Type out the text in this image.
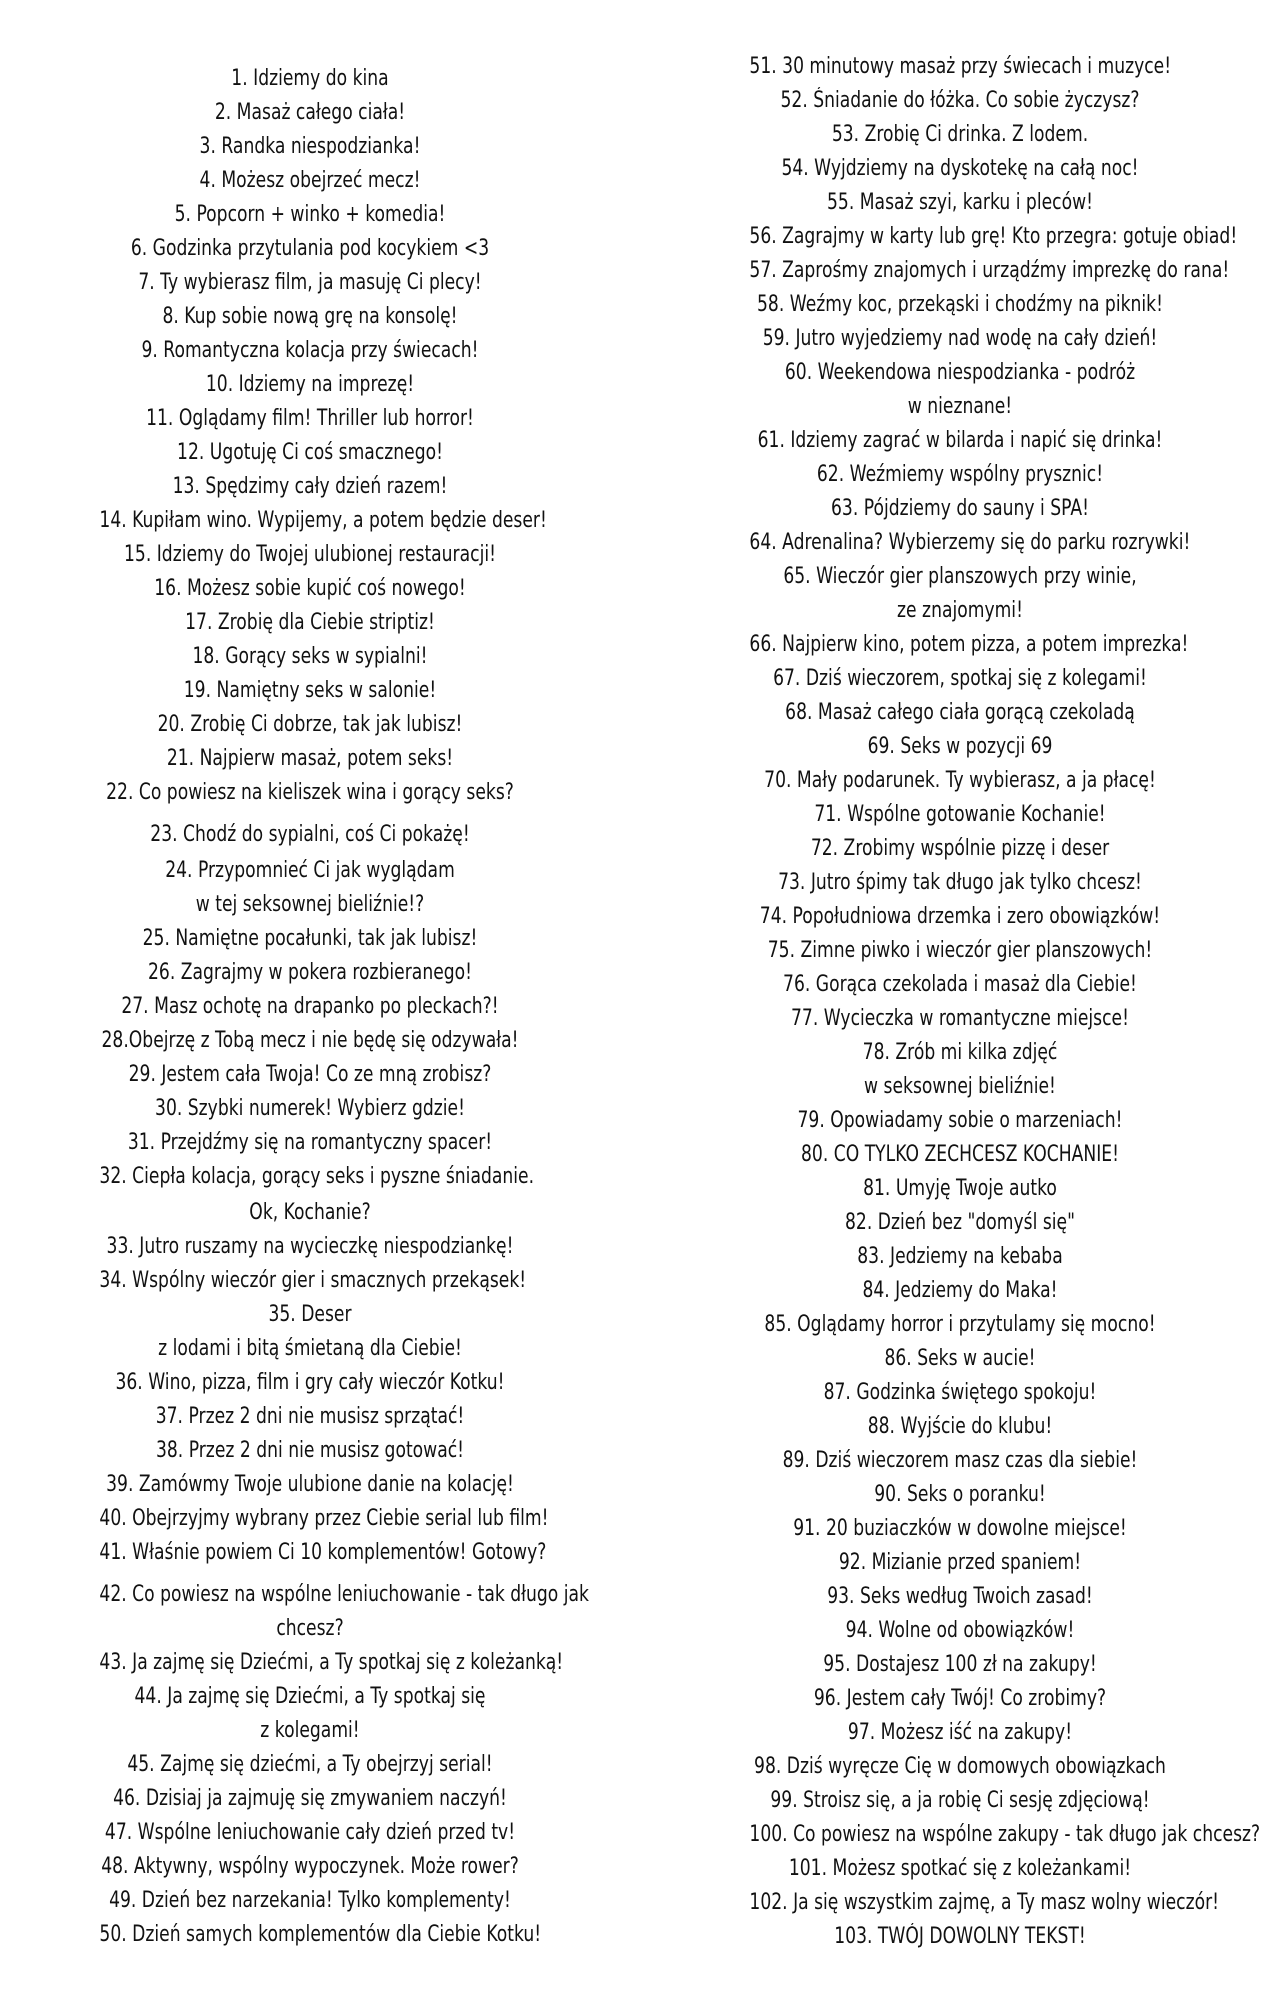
1. Idziemy do kina
2. Masaż całego ciała!
3. Randka niespodzianka!
4. Możesz obejrzeć mecz!
5. Popcorn + winko + komedia!
6. Godzinka przytulania pod kocykiem <3
7. Ty wybierasz film, ja masuję Ci plecy!
8. Kup sobie nową grę na konsolę!
9. Romantyczna kolacja przy świecach!
10. Idziemy na imprezę!
11. Oglądamy film! Thriller lub horror!
12. Ugotuję Ci coś smacznego!
13. Spędzimy cały dzień razem!
14. Kupiłam wino. Wypijemy, a potem będzie deser!
15. Idziemy do Twojej ulubionej restauracji!
16. Możesz sobie kupić coś nowego!
17. Zrobię dla Ciebie striptiz!
18. Gorący seks w sypialni!
19. Namiętny seks w salonie!
20. Zrobię Ci dobrze, tak jak lubisz!
21. Najpierw masaż, potem seks!
22. Co powiesz na kieliszek wina i gorący seks?
23. Chodź do sypialni, coś Ci pokażę!
24. Przypomnieć Ci jak wyglądam
w tej seksownej bieliźnie!?
25. Namiętne pocałunki, tak jak lubisz!
26. Zagrajmy w pokera rozbieranego!
27. Masz ochotę na drapanko po pleckach?!
28.Obejrzę z Tobą mecz i nie będę się odzywała!
29. Jestem cała Twoja! Co ze mną zrobisz?
30. Szybki numerek! Wybierz gdzie!
31. Przejdźmy się na romantyczny spacer!
32. Ciepła kolacja, gorący seks i pyszne śniadanie.
Ok, Kochanie?
33. Jutro ruszamy na wycieczkę niespodziankę!
34. Wspólny wieczór gier i smacznych przekąsek!
35. Deser
z lodami i bitą śmietaną dla Ciebie!
36. Wino, pizza, film i gry cały wieczór Kotku!
37. Przez 2 dni nie musisz sprzątać!
38. Przez 2 dni nie musisz gotować!
39. Zamówmy Twoje ulubione danie na kolację!
40. Obejrzyjmy wybrany przez Ciebie serial lub film!
41. Właśnie powiem Ci 10 komplementów! Gotowy?
42. Co powiesz na wspólne leniuchowanie - tak długo jak
chcesz?
43. Ja zajmę się Dziećmi, a Ty spotkaj się z koleżanką!
44. Ja zajmę się Dziećmi, a Ty spotkaj się
z kolegami!
45. Zajmę się dziećmi, a Ty obejrzyj serial!
46. Dzisiaj ja zajmuję się zmywaniem naczyń!
47. Wspólne leniuchowanie cały dzień przed tv!
48. Aktywny, wspólny wypoczynek. Może rower?
49. Dzień bez narzekania! Tylko komplementy!
50. Dzień samych komplementów dla Ciebie Kotku!
51. 30 minutowy masaż przy świecach i muzyce!
52. Śniadanie do łóżka. Co sobie życzysz?
53. Zrobię Ci drinka. Z lodem.
54. Wyjdziemy na dyskotekę na całą noc!
55. Masaż szyi, karku i pleców!
56. Zagrajmy w karty lub grę! Kto przegra: gotuje obiad!
57. Zaprośmy znajomych i urządźmy imprezkę do rana!
58. Weźmy koc, przekąski i chodźmy na piknik!
59. Jutro wyjedziemy nad wodę na cały dzień!
60. Weekendowa niespodzianka - podróż
w nieznane!
61. Idziemy zagrać w bilarda i napić się drinka!
62. Weźmiemy wspólny prysznic!
63. Pójdziemy do sauny i SPA!
64. Adrenalina? Wybierzemy się do parku rozrywki!
65. Wieczór gier planszowych przy winie,
ze znajomymi!
66. Najpierw kino, potem pizza, a potem imprezka!
67. Dziś wieczorem, spotkaj się z kolegami!
68. Masaż całego ciała gorącą czekoladą
69. Seks w pozycji 69
70. Mały podarunek. Ty wybierasz, a ja płacę!
71. Wspólne gotowanie Kochanie!
72. Zrobimy wspólnie pizzę i deser
73. Jutro śpimy tak długo jak tylko chcesz!
74. Popołudniowa drzemka i zero obowiązków!
75. Zimne piwko i wieczór gier planszowych!
76. Gorąca czekolada i masaż dla Ciebie!
77. Wycieczka w romantyczne miejsce!
78. Zrób mi kilka zdjęć
w seksownej bieliźnie!
79. Opowiadamy sobie o marzeniach!
80. CO TYLKO ZECHCESZ KOCHANIE!
81. Umyję Twoje autko
82. Dzień bez "domyśl się"
83. Jedziemy na kebaba
84. Jedziemy do Maka!
85. Oglądamy horror i przytulamy się mocno!
86. Seks w aucie!
87. Godzinka świętego spokoju!
88. Wyjście do klubu!
89. Dziś wieczorem masz czas dla siebie!
90. Seks o poranku!
91. 20 buziaczków w dowolne miejsce!
92. Mizianie przed spaniem!
93. Seks według Twoich zasad!
94. Wolne od obowiązków!
95. Dostajesz 100 zł na zakupy!
96. Jestem cały Twój! Co zrobimy?
97. Możesz iść na zakupy!
98. Dziś wyręcze Cię w domowych obowiązkach
99. Stroisz się, a ja robię Ci sesję zdjęciową!
100. Co powiesz na wspólne zakupy - tak długo jak chcesz?
101. Możesz spotkać się z koleżankami!
102. Ja się wszystkim zajmę, a Ty masz wolny wieczór!
103. TWÓJ DOWOLNY TEKST!
